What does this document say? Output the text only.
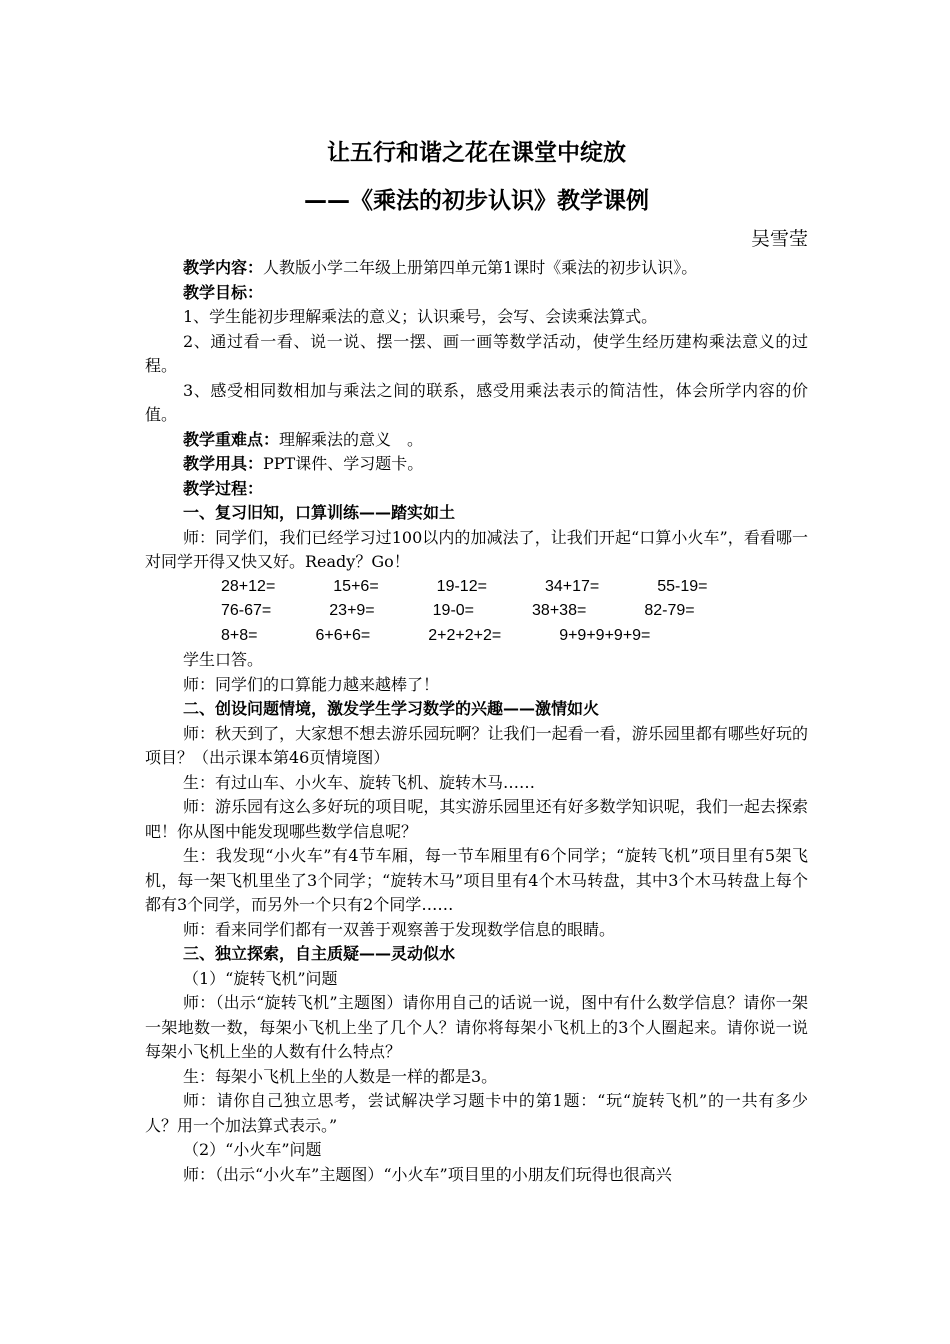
让五行和谐之花在课堂中绽放
——《乘法的初步认识》教学课例
吴雪莹

教学内容：人教版小学二年级上册第四单元第1课时《乘法的初步认识》。

教学目标：

1、学生能初步理解乘法的意义；认识乘号，会写、会读乘法算式。

2、通过看一看、说一说、摆一摆、画一画等数学活动，使学生经历建构乘法意义的过程。

3、感受相同数相加与乘法之间的联系，感受用乘法表示的简洁性，体会所学内容的价值。

教学重难点：理解乘法的意义　。

教学用具：PPT课件、学习题卡。

教学过程：

一、复习旧知，口算训练——踏实如土

师：同学们，我们已经学习过100以内的加减法了，让我们开起“口算小火车”，看看哪一对同学开得又快又好。Ready？Go！

28+12=	15+6=	19-12=	34+17=	55-19=

76-67=	23+9=	19-0=	38+38=	82-79=

8+8=	6+6+6=	2+2+2+2=	9+9+9+9+9=

学生口答。

师：同学们的口算能力越来越棒了！

二、创设问题情境，激发学生学习数学的兴趣——激情如火

师：秋天到了，大家想不想去游乐园玩啊？让我们一起看一看，游乐园里都有哪些好玩的项目？（出示课本第46页情境图）

生：有过山车、小火车、旋转飞机、旋转木马……

师：游乐园有这么多好玩的项目呢，其实游乐园里还有好多数学知识呢，我们一起去探索吧！你从图中能发现哪些数学信息呢？

生：我发现“小火车”有4节车厢，每一节车厢里有6个同学；“旋转飞机”项目里有5架飞机，每一架飞机里坐了3个同学；“旋转木马”项目里有4个木马转盘，其中3个木马转盘上每个都有3个同学，而另外一个只有2个同学……

师：看来同学们都有一双善于观察善于发现数学信息的眼睛。

三、独立探索，自主质疑——灵动似水

（1）“旋转飞机”问题

师：（出示“旋转飞机”主题图）请你用自己的话说一说，图中有什么数学信息？请你一架一架地数一数，每架小飞机上坐了几个人？请你将每架小飞机上的3个人圈起来。请你说一说每架小飞机上坐的人数有什么特点？

生：每架小飞机上坐的人数是一样的都是3。

师：请你自己独立思考，尝试解决学习题卡中的第1题：“玩“旋转飞机”的一共有多少人？用一个加法算式表示。”

（2）“小火车”问题

师：（出示“小火车”主题图）“小火车”项目里的小朋友们玩得也很高兴
